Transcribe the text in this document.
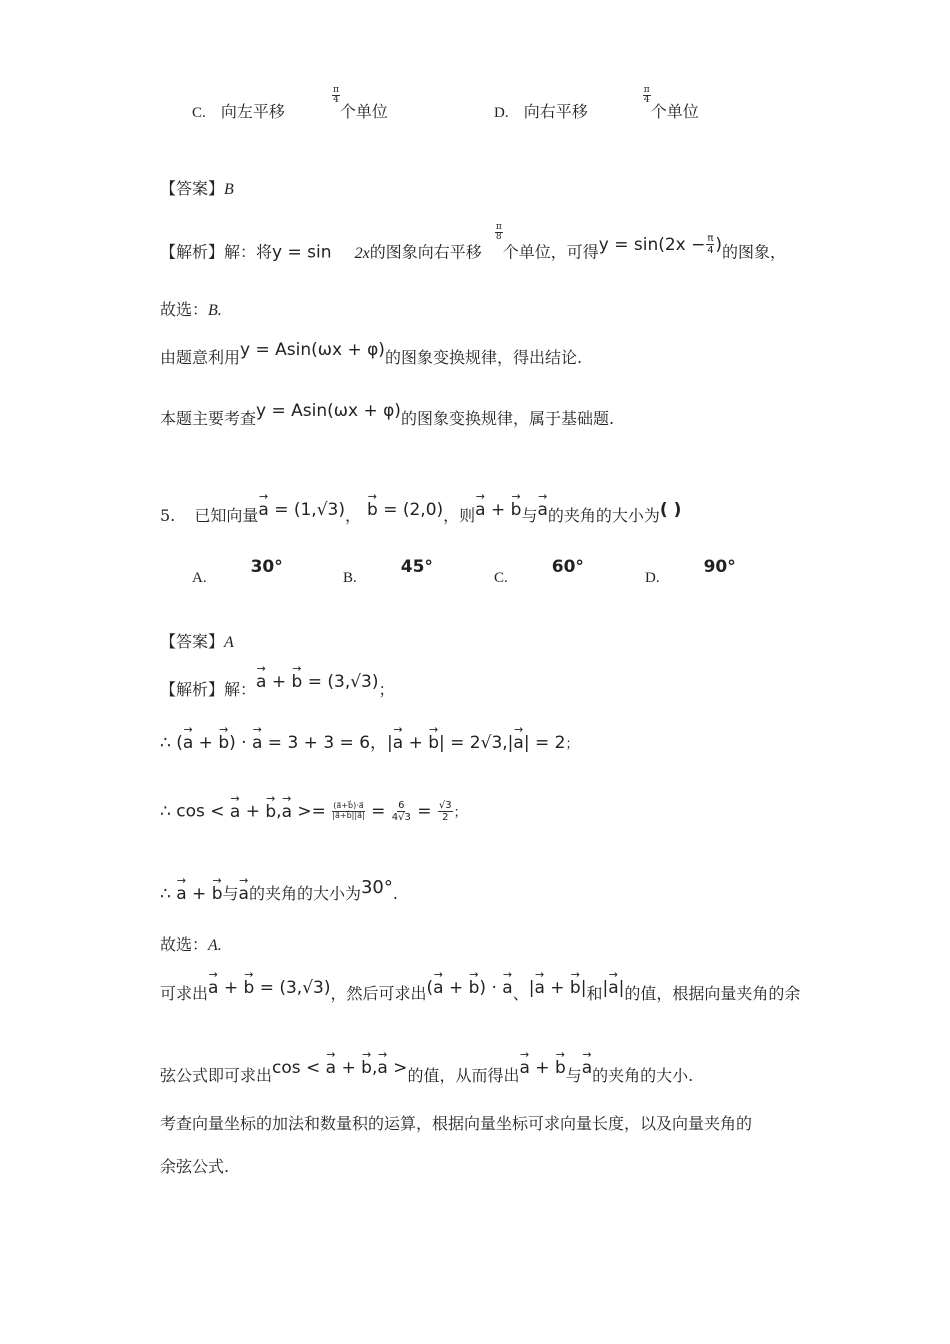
C. 向左平移
$\frac{\pi}{4}$
个单位	D. 向右平移
$\frac{\pi}{4}$
个单位
【答案】B
【解析】解：将y = sin 2x的图象向右平移
$\frac{\pi}{8}$
个单位，可得$y = \sin(2x - \frac{\pi}{4}$ )的图象，
故选：B.
由题意利用y = Asin(ωx + φ)的图象变换规律，得出结论.
本题主要考查y = Asin(ωx + φ)的图象变换规律，属于基础题.
5. 已知向量a → = (1,√3)， b → = (2,0)，则a → + b →与a →的夹角的大小为( )
A.30°
B.45°
C.60°
D.90°
【答案】A
【解析】解：a → + b → = (3,√3)；
∴ (a → + b →) · a → = 3 + 3 = 6，|a → + b →| = 2√3,|a →| = 2；
∴ cos < a → + b →,a → >= $\frac{(a⃗+b⃗)\cdot a⃗}{|a⃗+b⃗||a⃗|} = \frac{6}{4√3} = \frac{√3}{2}$ ；
∴ a → + b →与a →的夹角的大小为30°.
故选：A.
可求出a → + b → = (3,√3)，然后可求出(a → + b →) · a →、|a → + b →|和|a →|的值，根据向量夹角的余
弦公式即可求出cos < a → + b →,a → >的值，从而得出a → + b →与a →的夹角的大小.
考查向量坐标的加法和数量积的运算，根据向量坐标可求向量长度，以及向量夹角的
余弦公式.
